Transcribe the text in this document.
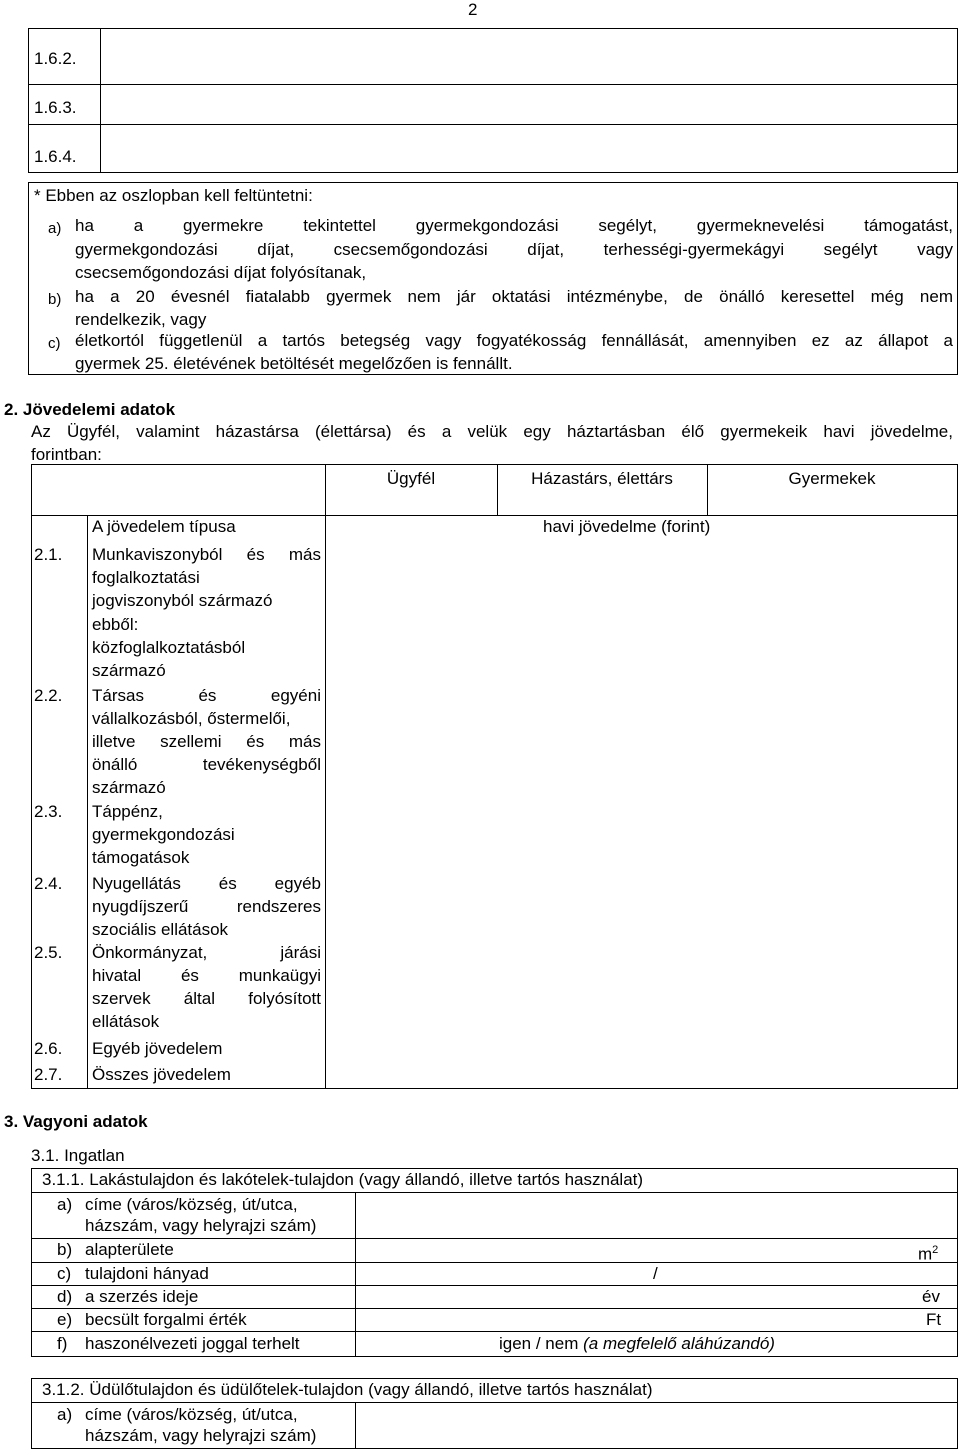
2
1.6.2.
1.6.3.
1.6.4.
* Ebben az oszlopban kell feltüntetni:
a) ha a gyermekre tekintettel gyermekgondozási segélyt, gyermeknevelési támogatást,
gyermekgondozási díjat, csecsemőgondozási díjat, terhességi-gyermekágyi segélyt vagy
csecsemőgondozási díjat folyósítanak,
b) ha a 20 évesnél fiatalabb gyermek nem jár oktatási intézménybe, de önálló keresettel még nem
rendelkezik, vagy
c) életkortól függetlenül a tartós betegség vagy fogyatékosság fennállását, amennyiben ez az állapot a
gyermek 25. életévének betöltését megelőzően is fennállt.
2. Jövedelemi adatok
Az Ügyfél, valamint házastársa (élettársa) és a velük egy háztartásban élő gyermekeik havi jövedelme,
forintban:
Ügyfél	Házastárs, élettárs	Gyermekek
A jövedelem típusa	havi jövedelme (forint)
2.1. Munkaviszonyból és más
foglalkoztatási
jogviszonyból származó
ebből:
közfoglalkoztatásból
származó
2.2. Társas és egyéni
vállalkozásból, őstermelői,
illetve szellemi és más
önálló tevékenységből
származó
2.3. Táppénz,
gyermekgondozási
támogatások
2.4. Nyugellátás és egyéb
nyugdíjszerű rendszeres
szociális ellátások
2.5. Önkormányzat, járási
hivatal és munkaügyi
szervek által folyósított
ellátások
2.6. Egyéb jövedelem
2.7. Összes jövedelem
3. Vagyoni adatok
3.1. Ingatlan
3.1.1. Lakástulajdon és lakótelek-tulajdon (vagy állandó, illetve tartós használat)
a) címe (város/község, út/utca,
házszám, vagy helyrajzi szám)
b) alapterülete	$m^2$
c) tulajdoni hányad	/
d) a szerzés ideje	év
e) becsült forgalmi érték	Ft
f) haszonélvezeti joggal terhelt	igen / nem (a megfelelő aláhúzandó)
3.1.2. Üdülőtulajdon és üdülőtelek-tulajdon (vagy állandó, illetve tartós használat)
a) címe (város/község, út/utca,
házszám, vagy helyrajzi szám)
